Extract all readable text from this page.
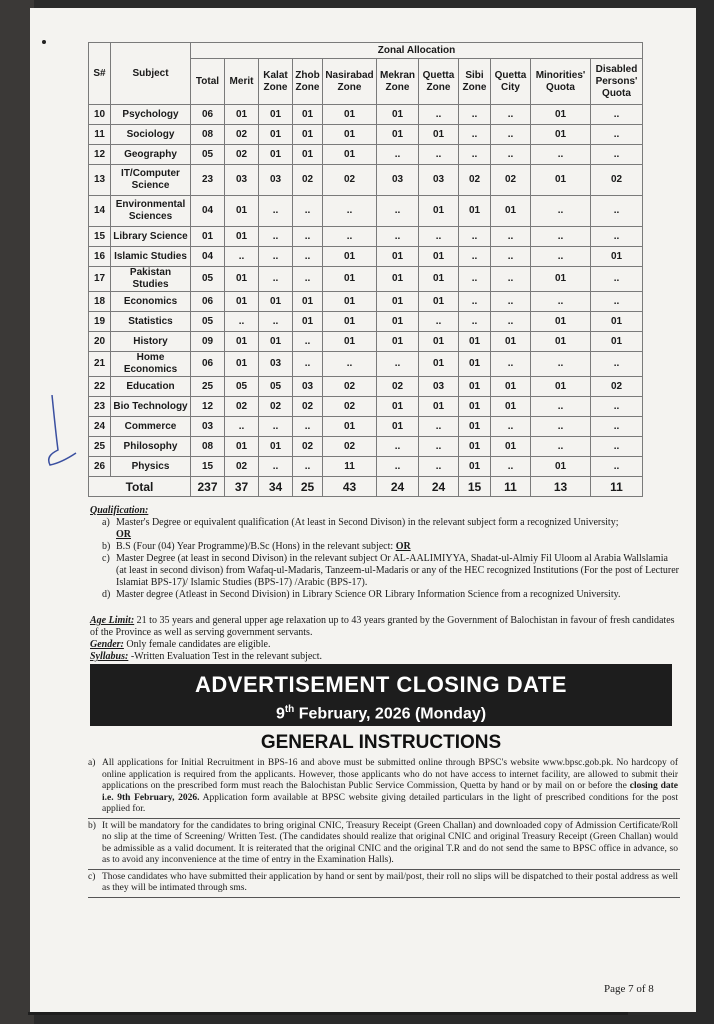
S#	Subject	Zonal Allocation										
		Total	Merit	Kalat Zone	Zhob Zone	Nasirabad Zone	Mekran Zone	Quetta Zone	Sibi Zone	Quetta City	Minorities' Quota	Disabled Persons' Quota
10	Psychology	06	01	01	01	01	01	..	..	..	01	..
11	Sociology	08	02	01	01	01	01	01	..	..	01	..
12	Geography	05	02	01	01	01	..	..	..	..	..	..
13	IT/Computer Science	23	03	03	02	02	03	03	02	02	01	02
14	Environmental Sciences	04	01	..	..	..	..	01	01	01	..	..
15	Library Science	01	01	..	..	..	..	..	..	..	..	..
16	Islamic Studies	04	..	..	..	01	01	01	..	..	..	01
17	Pakistan Studies	05	01	..	..	01	01	01	..	..	01	..
18	Economics	06	01	01	01	01	01	01	..	..	..	..
19	Statistics	05	..	..	01	01	01	..	..	..	01	01
20	History	09	01	01	..	01	01	01	01	01	01	01
21	Home Economics	06	01	03	..	..	..	01	01	..	..	..
22	Education	25	05	05	03	02	02	03	01	01	01	02
23	Bio Technology	12	02	02	02	02	01	01	01	01	..	..
24	Commerce	03	..	..	..	01	01	..	01	..	..	..
25	Philosophy	08	01	01	02	02	..	..	01	01	..	..
26	Physics	15	02	..	..	11	..	..	01	..	01	..
Total		237	37	34	25	43	24	24	15	11	13	11
Qualification:
a) Master's Degree or equivalent qualification (At least in Second Divison) in the relevant subject form a recognized University;
OR
b) B.S (Four (04) Year Programme)/B.Sc (Hons) in the relevant subject: OR
c) Master Degree (at least in second Divison) in the relevant subject Or AL-AALIMIYYA, Shadat-ul-Almiy Fil Uloom al Arabia Wallslamia (at least in second divison) from Wafaq-ul-Madaris, Tanzeem-ul-Madaris or any of the HEC recognized Institutions (For the post of Lecturer Islamiat BPS-17)/ Islamic Studies (BPS-17) /Arabic (BPS-17).
d) Master degree (Atleast in Second Division) in Library Science OR Library Information Science from a recognized University.
Age Limit: 21 to 35 years and general upper age relaxation up to 43 years granted by the Government of Balochistan in favour of fresh candidates of the Province as well as serving government servants.
Gender: Only female candidates are eligible.
Syllabus: -Written Evaluation Test in the relevant subject.
ADVERTISEMENT CLOSING DATE
9th February, 2026 (Monday)
GENERAL INSTRUCTIONS
a) All applications for Initial Recruitment in BPS-16 and above must be submitted online through BPSC's website www.bpsc.gob.pk. No hardcopy of online application is required from the applicants. However, those applicants who do not have access to internet facility, are allowed to submit their applications on the prescribed form must reach the Balochistan Public Service Commission, Quetta by hand or by mail on or before the closing date i.e. 9th February, 2026. Application form available at BPSC website giving detailed particulars in the light of prescribed conditions for the post applied for.
b) It will be mandatory for the candidates to bring original CNIC, Treasury Receipt (Green Challan) and downloaded copy of Admission Certificate/Roll no slip at the time of Screening/ Written Test. (The candidates should realize that original CNIC and original Treasury Receipt (Green Challan) would be admissible as a valid document. It is reiterated that the original CNIC and the original T.R and do not send the same to BPSC office in advance, so as to avoid any inconvenience at the time of entry in the Examination Halls).
c) Those candidates who have submitted their application by hand or sent by mail/post, their roll no slips will be dispatched to their postal address as well as they will be intimated through sms.
Page 7 of 8
